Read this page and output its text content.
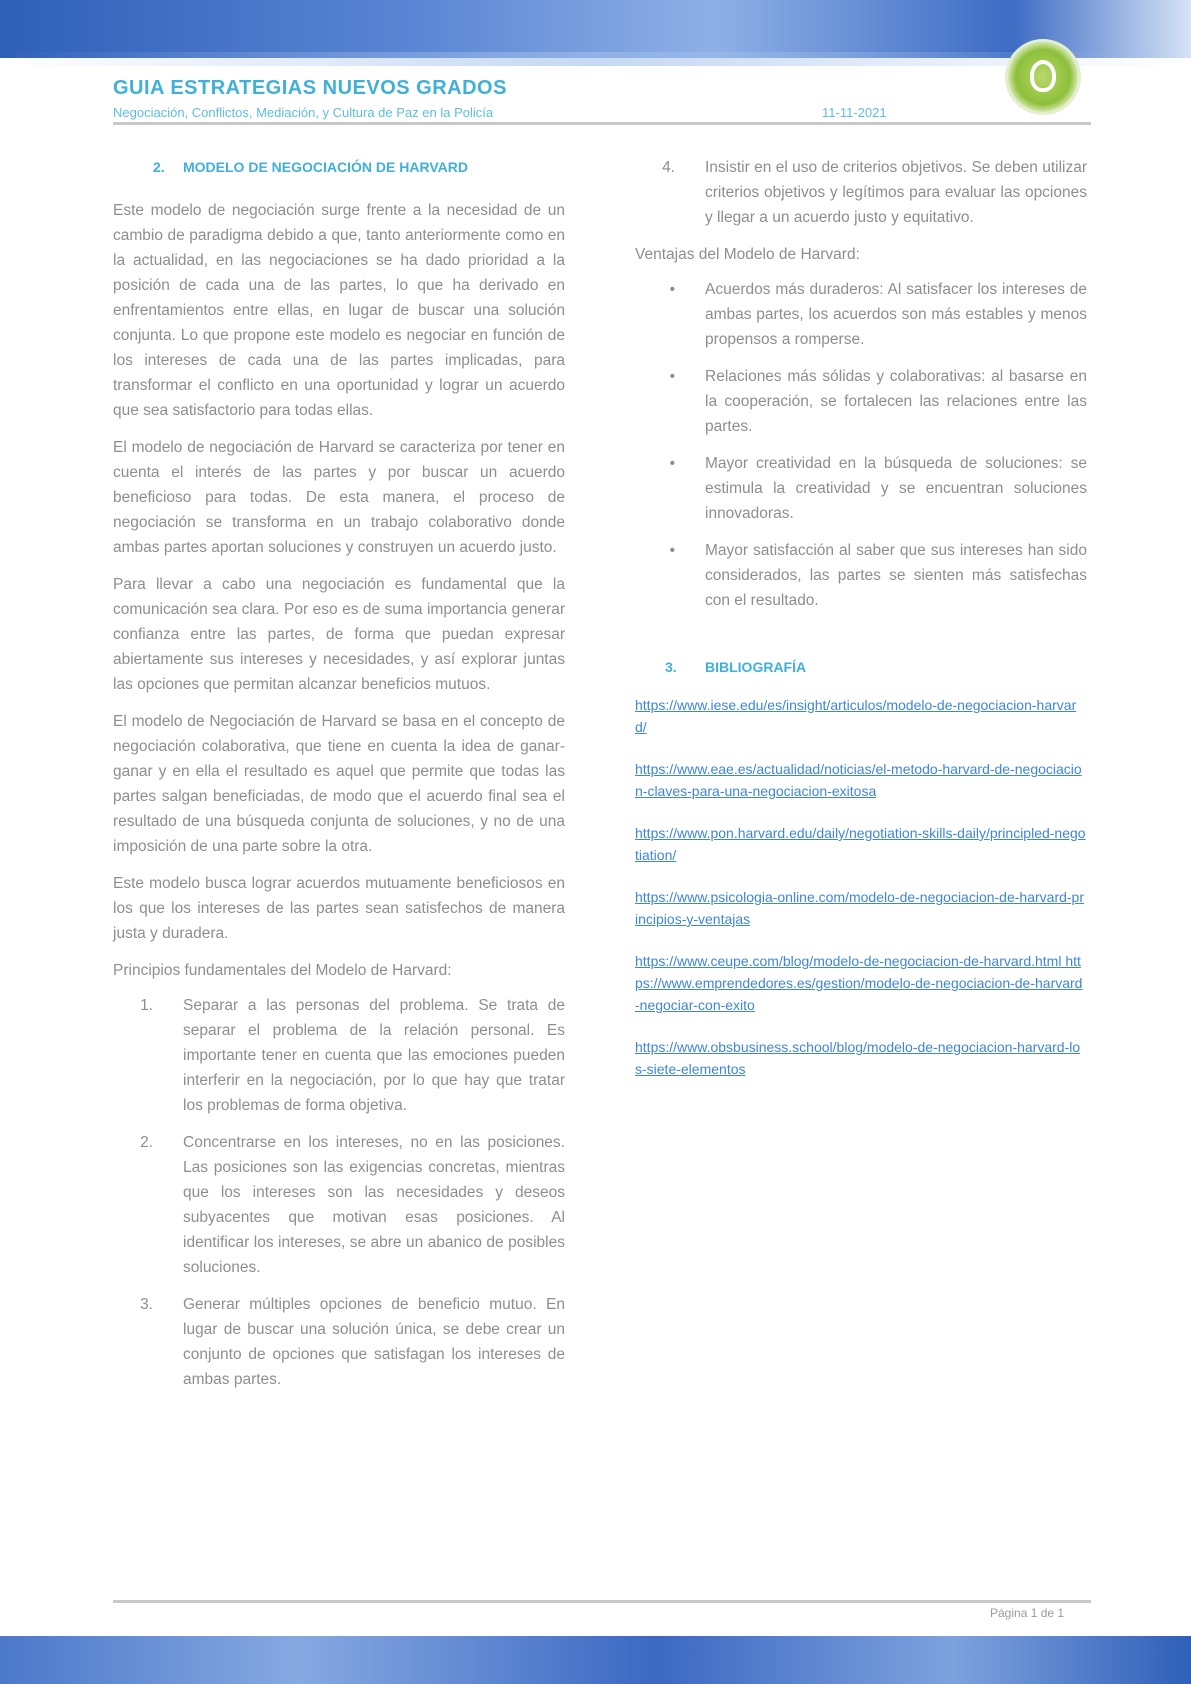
GUIA ESTRATEGIAS NUEVOS GRADOS
Negociación, Conflictos, Mediación, y Cultura de Paz en la Policía	11-11-2021
2. MODELO DE NEGOCIACIÓN DE HARVARD

Este modelo de negociación surge frente a la necesidad de un cambio de paradigma debido a que, tanto anteriormente como en la actualidad, en las negociaciones se ha dado prioridad a la posición de cada una de las partes, lo que ha derivado en enfrentamientos entre ellas, en lugar de buscar una solución conjunta. Lo que propone este modelo es negociar en función de los intereses de cada una de las partes implicadas, para transformar el conflicto en una oportunidad y lograr un acuerdo que sea satisfactorio para todas ellas.

El modelo de negociación de Harvard se caracteriza por tener en cuenta el interés de las partes y por buscar un acuerdo beneficioso para todas. De esta manera, el proceso de negociación se transforma en un trabajo colaborativo donde ambas partes aportan soluciones y construyen un acuerdo justo.

Para llevar a cabo una negociación es fundamental que la comunicación sea clara. Por eso es de suma importancia generar confianza entre las partes, de forma que puedan expresar abiertamente sus intereses y necesidades, y así explorar juntas las opciones que permitan alcanzar beneficios mutuos.

El modelo de Negociación de Harvard se basa en el concepto de negociación colaborativa, que tiene en cuenta la idea de ganar-ganar y en ella el resultado es aquel que permite que todas las partes salgan beneficiadas, de modo que el acuerdo final sea el resultado de una búsqueda conjunta de soluciones, y no de una imposición de una parte sobre la otra.

Este modelo busca lograr acuerdos mutuamente beneficiosos en los que los intereses de las partes sean satisfechos de manera justa y duradera.

Principios fundamentales del Modelo de Harvard:
1.	Separar a las personas del problema. Se trata de separar el problema de la relación personal. Es importante tener en cuenta que las emociones pueden interferir en la negociación, por lo que hay que tratar los problemas de forma objetiva.
2.	Concentrarse en los intereses, no en las posiciones. Las posiciones son las exigencias concretas, mientras que los intereses son las necesidades y deseos subyacentes que motivan esas posiciones. Al identificar los intereses, se abre un abanico de posibles soluciones.
3.	Generar múltiples opciones de beneficio mutuo. En lugar de buscar una solución única, se debe crear un conjunto de opciones que satisfagan los intereses de ambas partes.
4.	Insistir en el uso de criterios objetivos. Se deben utilizar criterios objetivos y legítimos para evaluar las opciones y llegar a un acuerdo justo y equitativo.
Ventajas del Modelo de Harvard:
•	Acuerdos más duraderos: Al satisfacer los intereses de ambas partes, los acuerdos son más estables y menos propensos a romperse.
•	Relaciones más sólidas y colaborativas: al basarse en la cooperación, se fortalecen las relaciones entre las partes.
•	Mayor creatividad en la búsqueda de soluciones: se estimula la creatividad y se encuentran soluciones innovadoras.
•	Mayor satisfacción al saber que sus intereses han sido considerados, las partes se sienten más satisfechas con el resultado.
3. BIBLIOGRAFÍA
https://www.iese.edu/es/insight/articulos/modelo-de-negociacion-harvard/
https://www.eae.es/actualidad/noticias/el-metodo-harvard-de-negociacion-claves-para-una-negociacion-exitosa
https://www.pon.harvard.edu/daily/negotiation-skills-daily/principled-negotiation/
https://www.psicologia-online.com/modelo-de-negociacion-de-harvard-principios-y-ventajas
https://www.ceupe.com/blog/modelo-de-negociacion-de-harvard.html https://www.emprendedores.es/gestion/modelo-de-negociacion-de-harvard-negociar-con-exito
https://www.obsbusiness.school/blog/modelo-de-negociacion-harvard-los-siete-elementos
Página 1 de 1
